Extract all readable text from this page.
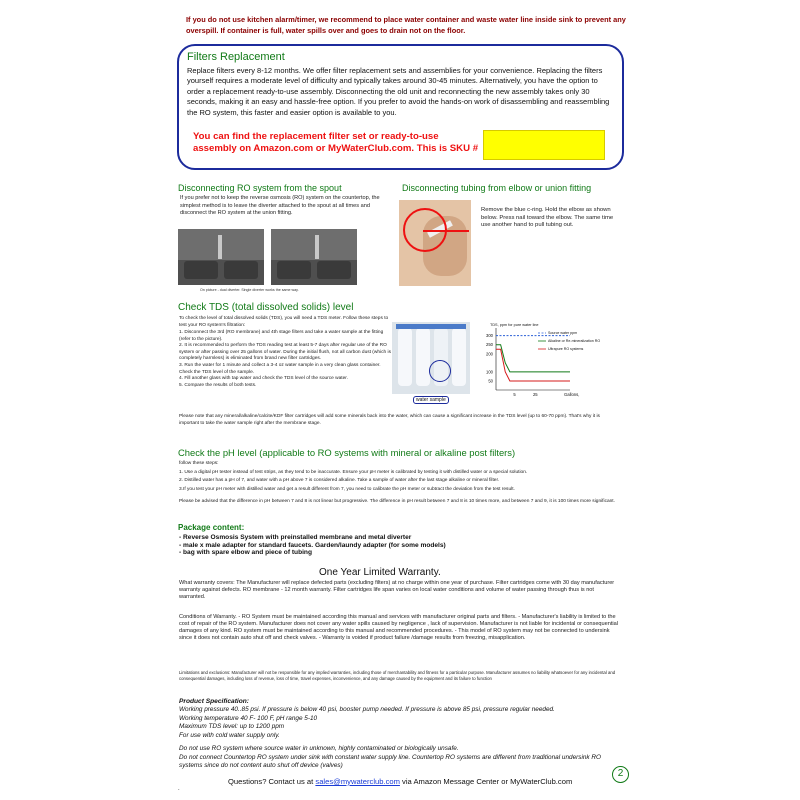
If you do not use kitchen alarm/timer, we recommend to place water container and waste water line inside sink to prevent any overspill. If container is full, water spills over and goes to drain not on the floor.
Filters Replacement
Replace filters every 8-12 months. We offer filter replacement sets and assemblies for your convenience. Replacing the filters yourself requires a moderate level of difficulty and typically takes around 30-45 minutes. Alternatively, you have the option to order a replacement ready-to-use assembly. Disconnecting the old unit and reconnecting the new assembly takes only 30 seconds, making it an easy and hassle-free option. If you prefer to avoid the hands-on work of disassembling and reassembling the RO system, this faster and easier option is available to you.
You can find the replacement filter set or ready-to-use assembly on Amazon.com or MyWaterClub.com. This is SKU #
Disconnecting RO system from the spout
If you prefer not to keep the reverse osmosis (RO) system on the countertop, the simplest method is to leave the diverter attached to the spout at all times and disconnect the RO system at the union fitting.
On picture - dual diverter. Single diverter works the same way.
Disconnecting tubing from elbow or union fitting
Remove the blue c-ring. Hold the elbow as shown below. Press nail toward the elbow. The same time use another hand to pull tubing out.
Check TDS (total dissolved solids) level
To check the level of total dissolved solids (TDS), you will need a TDS meter. Follow these steps to test your RO system's filtration:
1. Disconnect the 3rd (RO membrane) and 4th stage filters and take a water sample at the fitting (refer to the picture).
2. It is recommended to perform the TDS reading test at least 5-7 days after regular use of the RO system or after passing over 25 gallons of water. During the initial flush, not all carbon dust (which is completely harmless) is eliminated from brand new filter cartridges.
3. Run the water for 1 minute and collect a 3-4 oz water sample in a very clean glass container. Check the TDS level of the sample.
4. Fill another glass with tap water and check the TDS level of the source water.
5. Compare the results of both tests.
water sample
TDS, ppm for pure water line
300
250
200
100
50
5	25	Gallons,
Source water ppm
Alkaline or Re-mineralization RO
Ultrapure RO systems
Please note that any mineral/alkaline/calcite/KDF filter cartridges will add some minerals back into the water, which can cause a significant increase in the TDS level (up to 60-70 ppm). That's why it is important to take the water sample right after the membrane stage.
Check the pH level (applicable to RO systems with mineral or alkaline post filters)
follow these steps:
1. Use a digital pH tester instead of test strips, as they tend to be inaccurate. Ensure your pH meter is calibrated by testing it with distilled water or a special solution.
2. Distilled water has a pH of 7, and water with a pH above 7 is considered alkaline. Take a sample of water after the last stage alkaline or mineral filter.
3.If you test your pH meter with distilled water and get a result different from 7, you need to calibrate the pH meter or subtract the deviation from the test result.
Please be advised that the difference in pH between 7 and 8 is not linear but progressive. The difference in pH result between 7 and 8 is 10 times more, and between 7 and 9, it is 100 times more significant.
Package content:
- Reverse Osmosis System with preinstalled membrane and metal diverter
- male x male adapter for standard faucets. Garden/laundy adapter (for some models)
- bag with spare elbow and piece of tubing
One Year Limited Warranty.
What warranty covers: The Manufacturer will replace defected parts (excluding filters) at no charge within one year of purchase. Filter cartridges come with 30 day manufacturer warranty against defects. RO membrane - 12 month warranty. Filter cartridges life span varies on local water conditions and volume of water passing through thus is not warranted.
Conditions of Warranty. - RO System must be maintained according this manual and services with manufacturer original parts and filters. - Manufacturer's liability is limited to the cost of repair of the RO system. Manufacturer does not cover any water spills caused by negligence , lack of supervision. Manufacturer is not liable for incidental or consequential damages of any kind. RO system must be maintained according to this manual and recommended procedures. - This model of RO system may not be connected to undersink since it does not contain auto shut off and check valves. - Warranty is voided if product failure /damage results from freezing, misapplication.
Limitations and exclusions: Manufacturer will not be responsible for any implied warranties, including those of merchantability and fitness for a particular purpose. Manufacturer assumes no liability whatsoever for any incidental and consequential damages, including loss of revenue, loss of time, travel expenses, inconvenience, and any damage caused by the equipment and its failure to function
Product Specification:
Working pressure 40..85 psi. If pressure is below 40 psi, booster pump needed. If pressure is above 85 psi, pressure regular needed.
Working temperature 40 F- 100 F, pH range 5-10
Maximum TDS level: up to 1200 ppm
For use with cold water supply only.
Do not use RO system where source water in unknown, highly contaminated or biologically unsafe.
Do not connect Countertop RO system under sink with constant water supply line. Countertop RO systems are different from traditional undersink RO systems since do not content auto shut off device (valves)
Questions? Contact us at sales@mywaterclub.com via Amazon Message Center or MyWaterClub.com
2
.
